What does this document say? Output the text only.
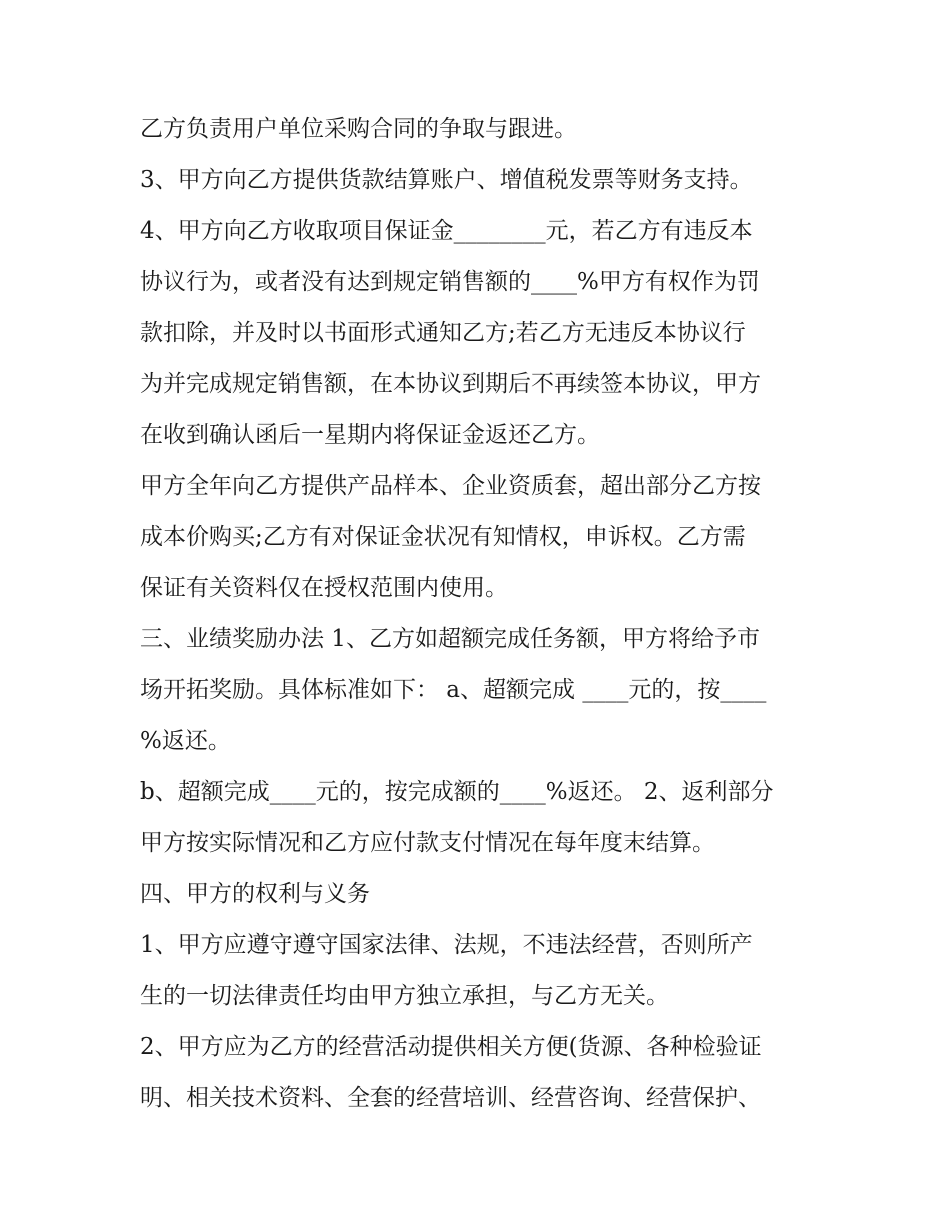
乙方负责用户单位采购合同的争取与跟进。
3、甲方向乙方提供货款结算账户、增值税发票等财务支持。
4、甲方向乙方收取项目保证金________元，若乙方有违反本
协议行为，或者没有达到规定销售额的____%甲方有权作为罚
款扣除，并及时以书面形式通知乙方;若乙方无违反本协议行
为并完成规定销售额，在本协议到期后不再续签本协议，甲方
在收到确认函后一星期内将保证金返还乙方。
甲方全年向乙方提供产品样本、企业资质套，超出部分乙方按
成本价购买;乙方有对保证金状况有知情权，申诉权。乙方需
保证有关资料仅在授权范围内使用。
三、业绩奖励办法 1、乙方如超额完成任务额，甲方将给予市
场开拓奖励。具体标准如下： a、超额完成 ____元的，按____
%返还。
b、超额完成____元的，按完成额的____%返还。 2、返利部分
甲方按实际情况和乙方应付款支付情况在每年度末结算。
四、甲方的权利与义务
1、甲方应遵守遵守国家法律、法规，不违法经营，否则所产
生的一切法律责任均由甲方独立承担，与乙方无关。
2、甲方应为乙方的经营活动提供相关方便(货源、各种检验证
明、相关技术资料、全套的经营培训、经营咨询、经营保护、
